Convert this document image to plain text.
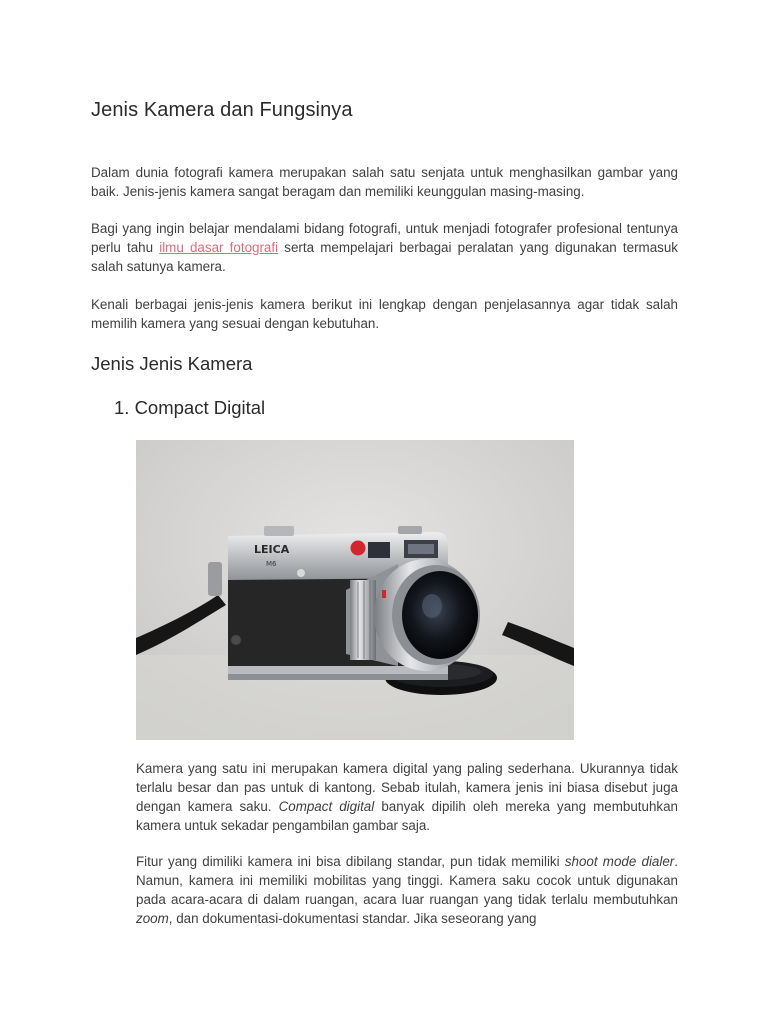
Jenis Kamera dan Fungsinya

Dalam dunia fotografi kamera merupakan salah satu senjata untuk menghasilkan gambar yang baik. Jenis-jenis kamera sangat beragam dan memiliki keunggulan masing-masing.

Bagi yang ingin belajar mendalami bidang fotografi, untuk menjadi fotografer profesional tentunya perlu tahu ilmu dasar fotografi serta mempelajari berbagai peralatan yang digunakan termasuk salah satunya kamera.

Kenali berbagai jenis-jenis kamera berikut ini lengkap dengan penjelasannya agar tidak salah memilih kamera yang sesuai dengan kebutuhan.

Jenis Jenis Kamera
1. Compact Digital
LEICA
M6

Kamera yang satu ini merupakan kamera digital yang paling sederhana. Ukurannya tidak terlalu besar dan pas untuk di kantong. Sebab itulah, kamera jenis ini biasa disebut juga dengan kamera saku. Compact digital banyak dipilih oleh mereka yang membutuhkan kamera untuk sekadar pengambilan gambar saja.

Fitur yang dimiliki kamera ini bisa dibilang standar, pun tidak memiliki shoot mode dialer. Namun, kamera ini memiliki mobilitas yang tinggi. Kamera saku cocok untuk digunakan pada acara-acara di dalam ruangan, acara luar ruangan yang tidak terlalu membutuhkan zoom, dan dokumentasi-dokumentasi standar. Jika seseorang yang
